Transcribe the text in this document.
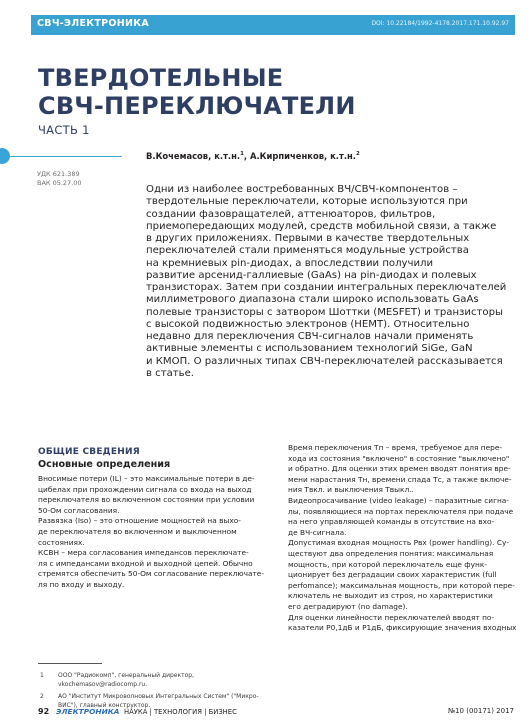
СВЧ-ЭЛЕКТРОНИКА	DOI: 10.22184/1992-4178.2017.171.10.92.97
ТВЕРДОТЕЛЬНЫЕ
СВЧ-ПЕРЕКЛЮЧАТЕЛИ
ЧАСТЬ 1
В.Кочемасов, к.т.н.$^1$, А.Кирпиченков, к.т.н.$^2$
УДК 621.389
ВАК 05.27.00
Одни из наиболее востребованных ВЧ/СВЧ-компонентов –
твердотельные переключатели, которые используются при
создании фазовращателей, аттенюаторов, фильтров,
приемопередающих модулей, средств мобильной связи, а также
в других приложениях. Первыми в качестве твердотельных
переключателей стали применяться модульные устройства
на кремниевых pin-диодах, а впоследствии получили
развитие арсенид-галлиевые (GaAs) на pin-диодах и полевых
транзисторах. Затем при создании интегральных переключателей
миллиметрового диапазона стали широко использовать GaAs
полевые транзисторы с затвором Шоттки (MESFET) и транзисторы
с высокой подвижностью электронов (HEMT). Относительно
недавно для переключения СВЧ-сигналов начали применять
активные элементы с использованием технологий SiGe, GaN
и КМОП. О различных типах СВЧ-переключателей рассказывается
в статье.
ОБЩИЕ СВЕДЕНИЯ
Основные определения

Вносимые потери (IL) – это максимальные потери в де-

цибелах при прохождении сигнала со входа на выход

переключателя во включенном состоянии при условии

50-Ом согласования.

Развязка (Iso) – это отношение мощностей на выхо-

де переключателя во включенном и выключенном

состояниях.

КСВН – мера согласования импедансов переключате-

ля с импедансами входной и выходной цепей. Обычно

стремятся обеспечить 50-Ом согласование переключате-

ля по входу и выходу.

1 ООО "Радиокомп", генеральный директор,

vkochemasov@radiocomp.ru.

2 АО "Институт Микроволновых Интегральных Систем" ("Микро-

ВИС"), главный конструктор.

Время переключения Tп – время, требуемое для пере-

хода из состояния "включено" в состояние "выключено"

и обратно. Для оценки этих времен вводят понятия вре-

мени нарастания Tн, времени спада Tс, а также включе-

ния Tвкл. и выключения Tвыкл..

Видеопросачивание (video leakage) – паразитные сигна-

лы, появляющиеся на портах переключателя при подаче

на него управляющей команды в отсутствие на вхо-

де ВЧ-сигнала.

Допустимая входная мощность Pвх (power handling). Су-

ществуют два определения понятия: максимальная

мощность, при которой переключатель еще функ-

ционирует без деградации своих характеристик (full

perfomance); максимальная мощность, при которой пере-

ключатель не выходит из строя, но характеристики

его деградируют (no damage).

Для оценки линейности переключателей вводят по-

казатели P0,1дБ и P1дБ, фиксирующие значения входных

92 ЭЛЕКТРОНИКА НАУКА | ТЕХНОЛОГИЯ | БИЗНЕС	№10 (00171) 2017
